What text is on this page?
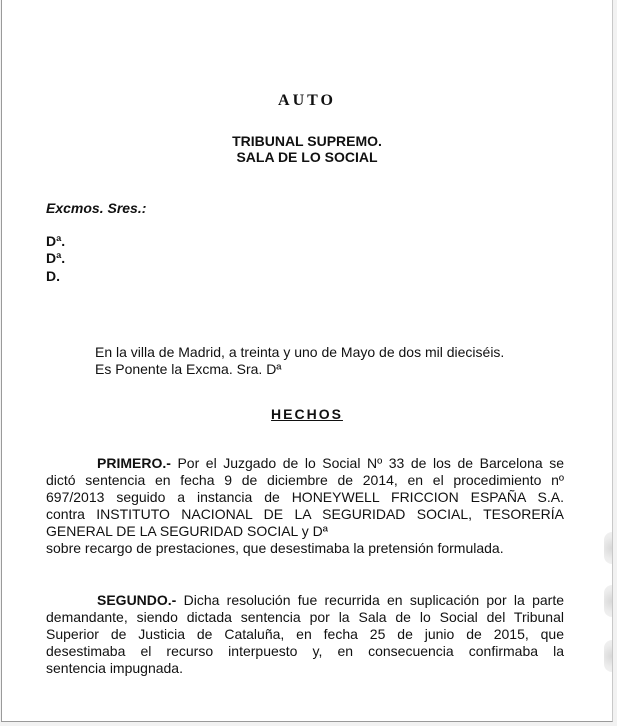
AUTO
TRIBUNAL SUPREMO.
SALA DE LO SOCIAL
Excmos. Sres.:
Dª.
Dª.
D.
En la villa de Madrid, a treinta y uno de Mayo de dos mil dieciséis.
Es Ponente la Excma. Sra. Dª
HECHOS
PRIMERO.- Por el Juzgado de lo Social Nº 33 de los de Barcelona se
dictó sentencia en fecha 9 de diciembre de 2014, en el procedimiento nº
697/2013 seguido a instancia de HONEYWELL FRICCION ESPAÑA S.A.
contra INSTITUTO NACIONAL DE LA SEGURIDAD SOCIAL, TESORERÍA
GENERAL DE LA SEGURIDAD SOCIAL y Dª
sobre recargo de prestaciones, que desestimaba la pretensión formulada.
SEGUNDO.- Dicha resolución fue recurrida en suplicación por la parte
demandante, siendo dictada sentencia por la Sala de lo Social del Tribunal
Superior de Justicia de Cataluña, en fecha 25 de junio de 2015, que
desestimaba el recurso interpuesto y, en consecuencia confirmaba la
sentencia impugnada.
